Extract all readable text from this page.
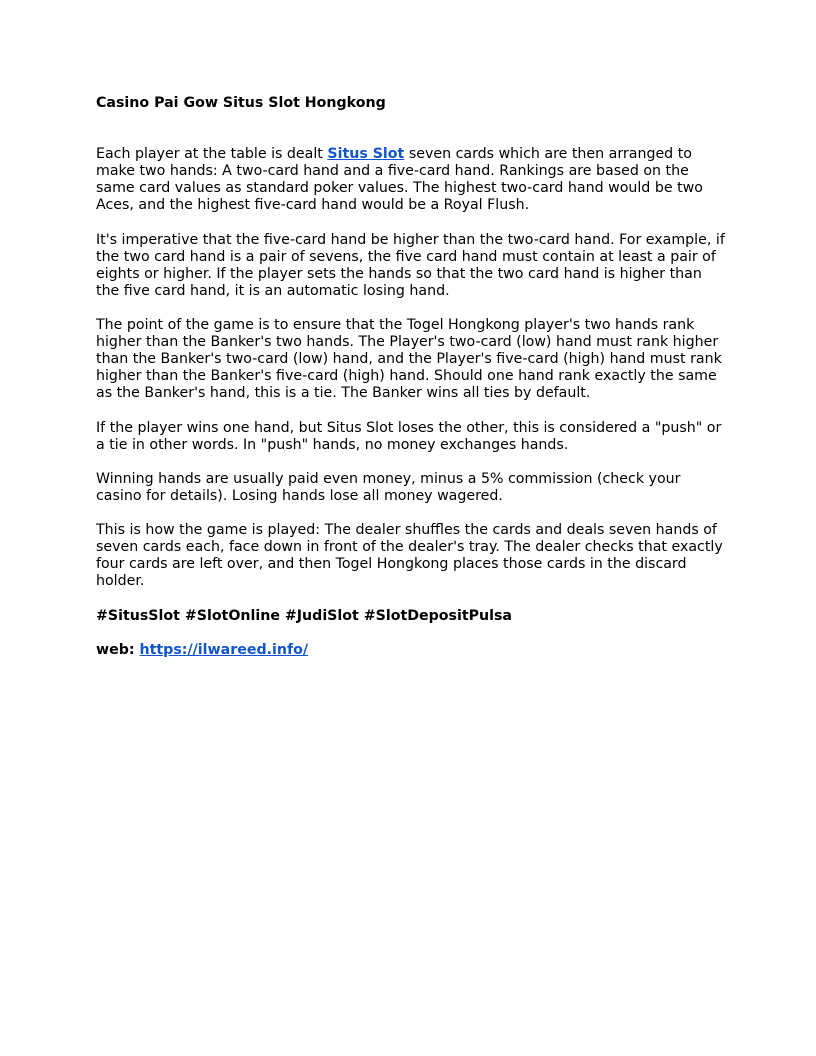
Casino Pai Gow Situs Slot Hongkong

Each player at the table is dealt Situs Slot seven cards which are then arranged to make two hands: A two-card hand and a five-card hand. Rankings are based on the same card values as standard poker values. The highest two-card hand would be two Aces, and the highest five-card hand would be a Royal Flush.

It's imperative that the five-card hand be higher than the two-card hand. For example, if the two card hand is a pair of sevens, the five card hand must contain at least a pair of eights or higher. If the player sets the hands so that the two card hand is higher than the five card hand, it is an automatic losing hand.

The point of the game is to ensure that the Togel Hongkong player's two hands rank higher than the Banker's two hands. The Player's two-card (low) hand must rank higher than the Banker's two-card (low) hand, and the Player's five-card (high) hand must rank higher than the Banker's five-card (high) hand. Should one hand rank exactly the same as the Banker's hand, this is a tie. The Banker wins all ties by default.

If the player wins one hand, but Situs Slot loses the other, this is considered a "push" or a tie in other words. In "push" hands, no money exchanges hands.

Winning hands are usually paid even money, minus a 5% commission (check your casino for details). Losing hands lose all money wagered.

This is how the game is played: The dealer shuffles the cards and deals seven hands of seven cards each, face down in front of the dealer's tray. The dealer checks that exactly four cards are left over, and then Togel Hongkong places those cards in the discard holder.

#SitusSlot #SlotOnline #JudiSlot #SlotDepositPulsa

web: https://ilwareed.info/
